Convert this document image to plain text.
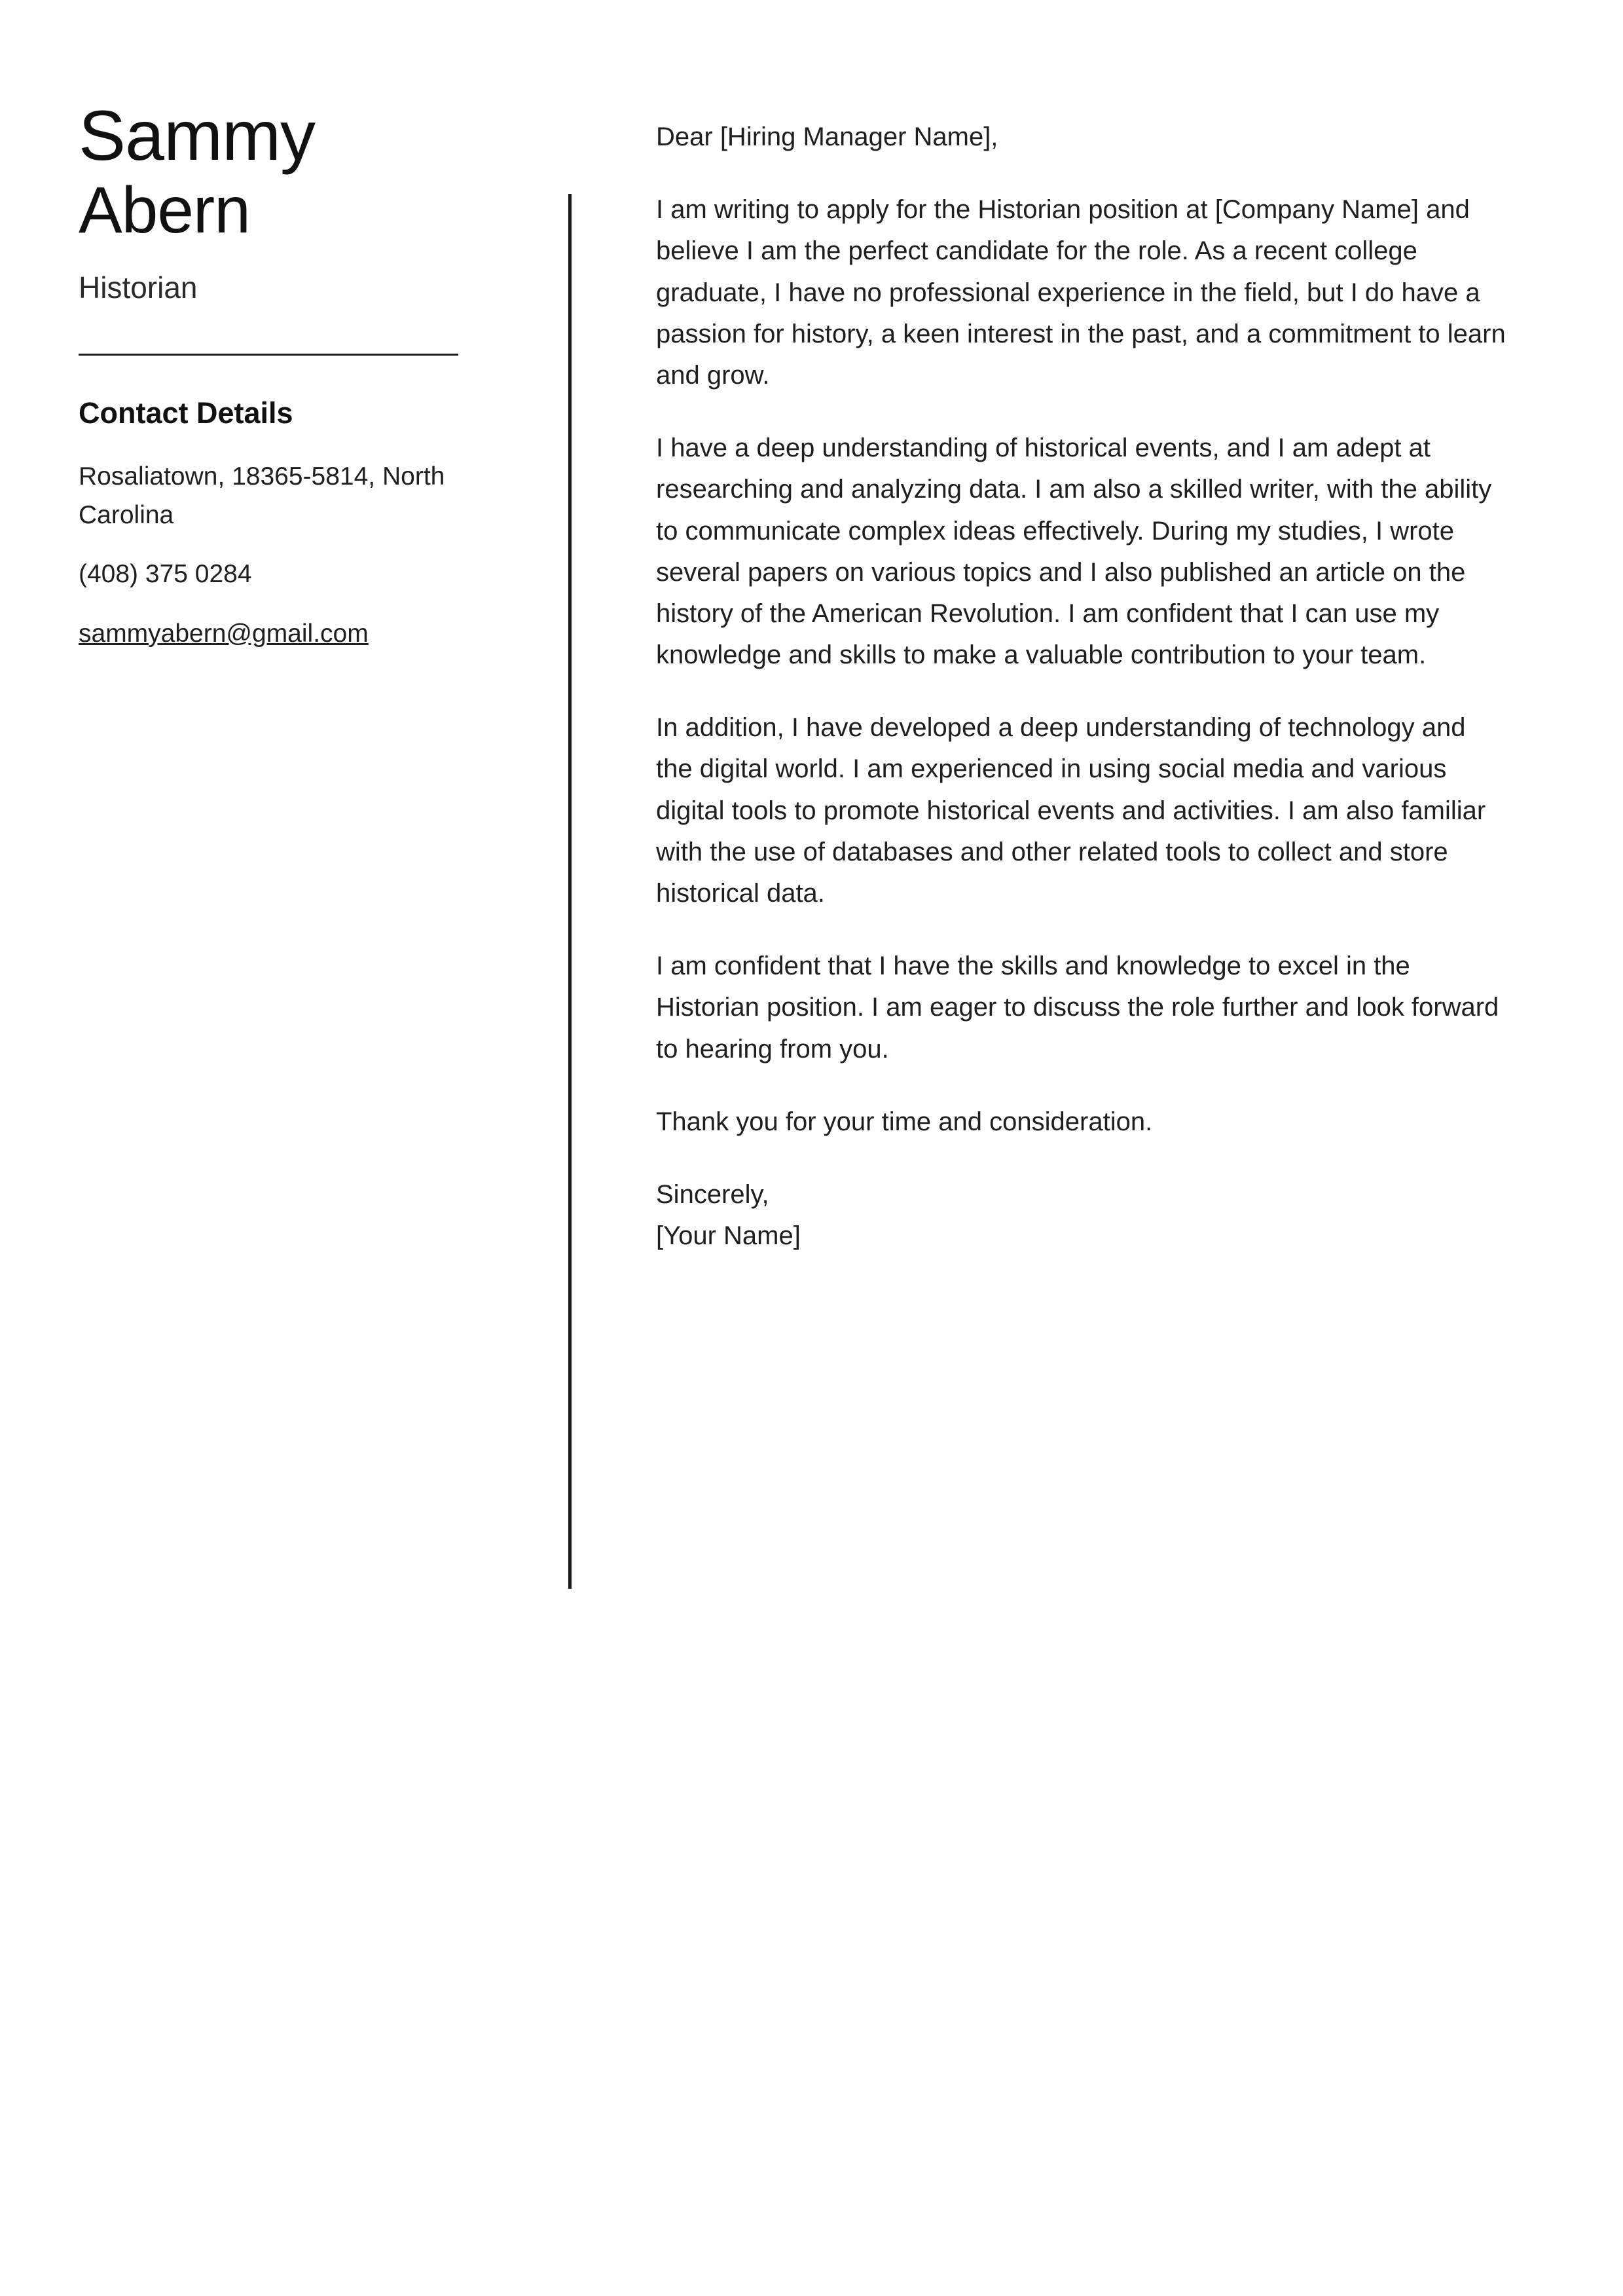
Sammy
Abern
Historian
Contact Details
Rosaliatown, 18365-5814, North Carolina
(408) 375 0284
sammyabern@gmail.com

Dear [Hiring Manager Name],

I am writing to apply for the Historian position at [Company Name] and believe I am the perfect candidate for the role. As a recent college graduate, I have no professional experience in the field, but I do have a passion for history, a keen interest in the past, and a commitment to learn and grow.

I have a deep understanding of historical events, and I am adept at researching and analyzing data. I am also a skilled writer, with the ability to communicate complex ideas effectively. During my studies, I wrote several papers on various topics and I also published an article on the history of the American Revolution. I am confident that I can use my knowledge and skills to make a valuable contribution to your team.

In addition, I have developed a deep understanding of technology and the digital world. I am experienced in using social media and various digital tools to promote historical events and activities. I am also familiar with the use of databases and other related tools to collect and store historical data.

I am confident that I have the skills and knowledge to excel in the Historian position. I am eager to discuss the role further and look forward to hearing from you.

Thank you for your time and consideration.

Sincerely,
[Your Name]
